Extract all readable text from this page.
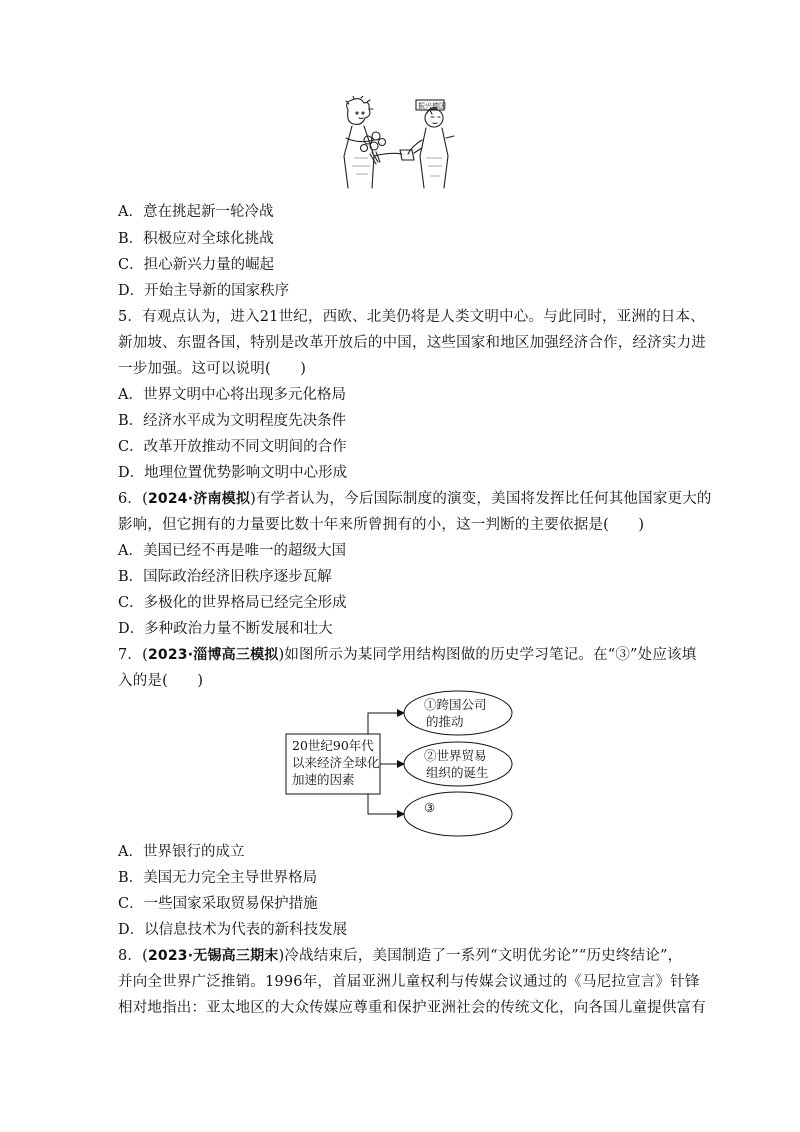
振兴德国
A．意在挑起新一轮冷战
B．积极应对全球化挑战
C．担心新兴力量的崛起
D．开始主导新的国家秩序
5．有观点认为，进入21世纪，西欧、北美仍将是人类文明中心。与此同时，亚洲的日本、
新加坡、东盟各国，特别是改革开放后的中国，这些国家和地区加强经济合作，经济实力进
一步加强。这可以说明(　　)
A．世界文明中心将出现多元化格局
B．经济水平成为文明程度先决条件
C．改革开放推动不同文明间的合作
D．地理位置优势影响文明中心形成
6．(2024·济南模拟)有学者认为，今后国际制度的演变，美国将发挥比任何其他国家更大的
影响，但它拥有的力量要比数十年来所曾拥有的小，这一判断的主要依据是(　　)
A．美国已经不再是唯一的超级大国
B．国际政治经济旧秩序逐步瓦解
C．多极化的世界格局已经完全形成
D．多种政治力量不断发展和壮大
7．(2023·淄博高三模拟)如图所示为某同学用结构图做的历史学习笔记。在“③”处应该填
入的是(　　)
20世纪90年代
以来经济全球化
加速的因素
①跨国公司
的推动
②世界贸易
组织的诞生
③
A．世界银行的成立
B．美国无力完全主导世界格局
C．一些国家采取贸易保护措施
D．以信息技术为代表的新科技发展
8．(2023·无锡高三期末)冷战结束后，美国制造了一系列“文明优劣论”“历史终结论”，
并向全世界广泛推销。1996年，首届亚洲儿童权利与传媒会议通过的《马尼拉宣言》针锋
相对地指出：亚太地区的大众传媒应尊重和保护亚洲社会的传统文化，向各国儿童提供富有
